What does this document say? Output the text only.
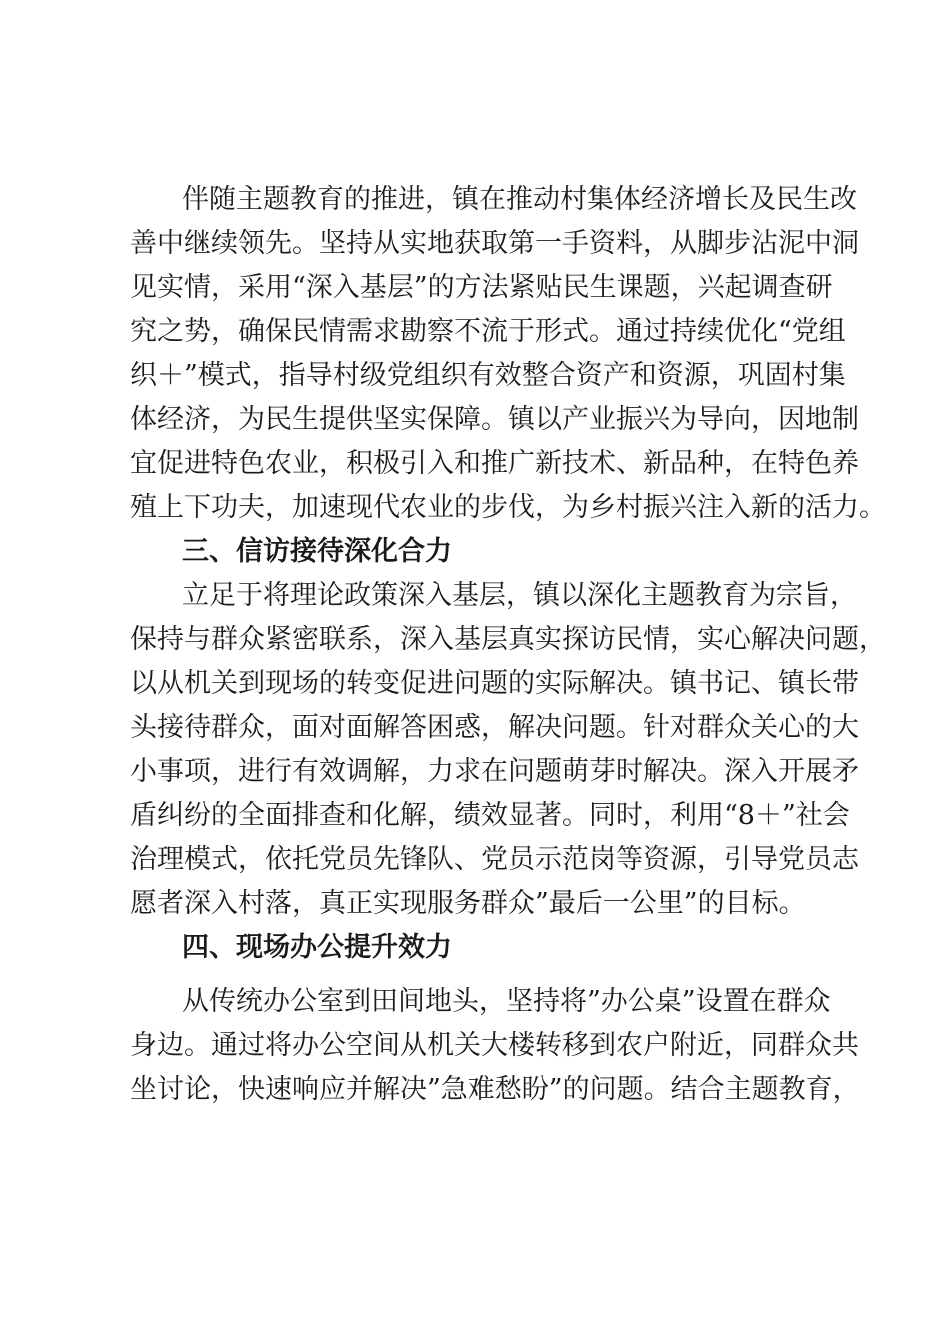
伴随主题教育的推进，镇在推动村集体经济增长及民生改
善中继续领先。坚持从实地获取第一手资料，从脚步沾泥中洞
见实情，采用“深入基层”的方法紧贴民生课题，兴起调查研
究之势，确保民情需求勘察不流于形式。通过持续优化“党组
织＋”模式，指导村级党组织有效整合资产和资源，巩固村集
体经济，为民生提供坚实保障。镇以产业振兴为导向，因地制
宜促进特色农业，积极引入和推广新技术、新品种，在特色养
殖上下功夫，加速现代农业的步伐，为乡村振兴注入新的活力。
三、信访接待深化合力
立足于将理论政策深入基层，镇以深化主题教育为宗旨，
保持与群众紧密联系，深入基层真实探访民情，实心解决问题，
以从机关到现场的转变促进问题的实际解决。镇书记、镇长带
头接待群众，面对面解答困惑，解决问题。针对群众关心的大
小事项，进行有效调解，力求在问题萌芽时解决。深入开展矛
盾纠纷的全面排查和化解，绩效显著。同时，利用“8＋”社会
治理模式，依托党员先锋队、党员示范岗等资源，引导党员志
愿者深入村落，真正实现服务群众”最后一公里”的目标。
四、现场办公提升效力
从传统办公室到田间地头，坚持将”办公桌”设置在群众
身边。通过将办公空间从机关大楼转移到农户附近，同群众共
坐讨论，快速响应并解决”急难愁盼”的问题。结合主题教育，
